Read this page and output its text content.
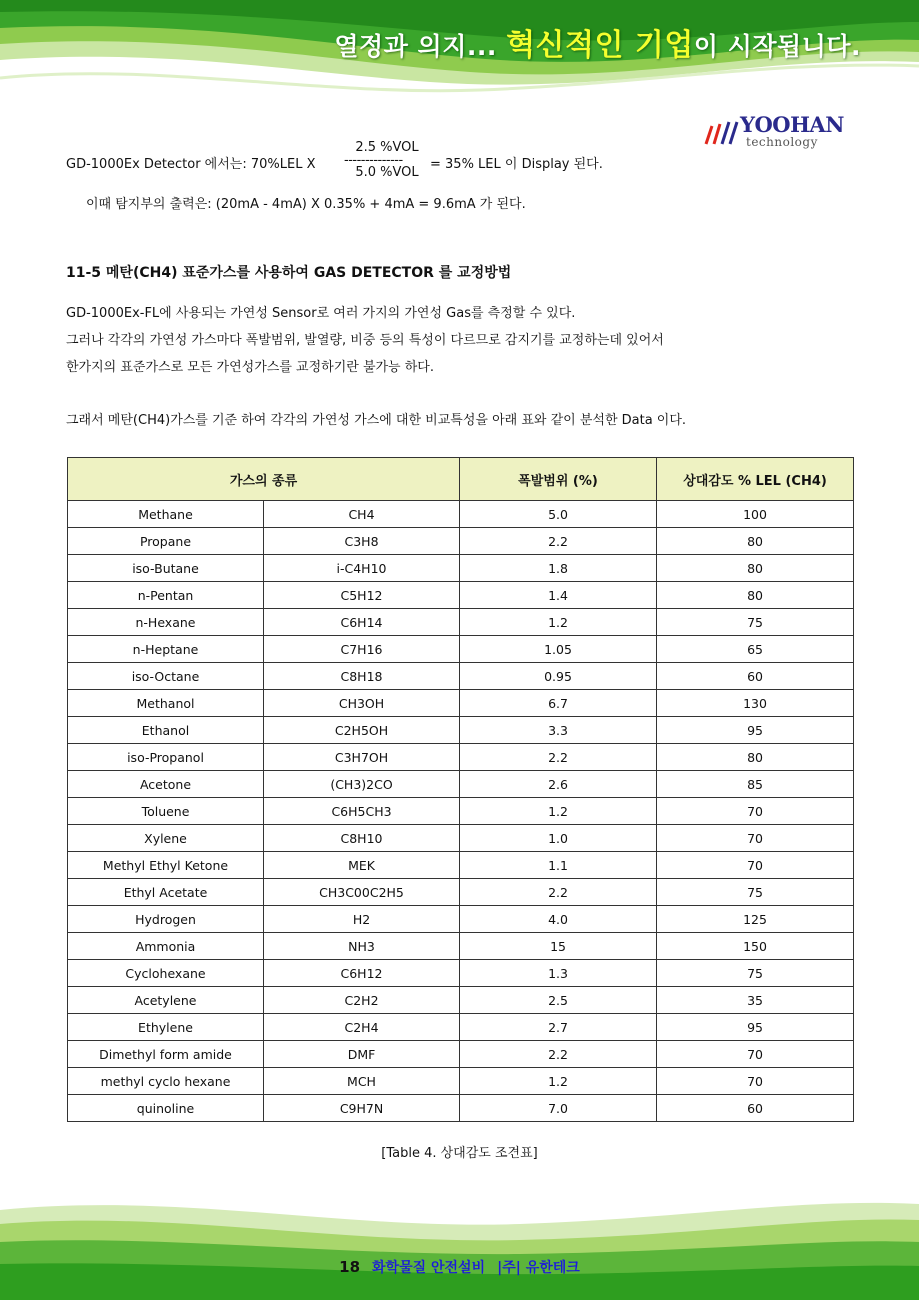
열정과 의지... 혁신적인 기업이 시작됩니다.
YOOHAN
technology
GD-1000Ex Detector 에서는: 70%LEL X
2.5 %VOL
--------------
5.0 %VOL
= 35% LEL 이 Display 된다.
이때 탐지부의 출력은: (20mA - 4mA) X 0.35% + 4mA = 9.6mA 가 된다.
11-5 메탄(CH4) 표준가스를 사용하여 GAS DETECTOR 를 교정방법
GD-1000Ex-FL에 사용되는 가연성 Sensor로 여러 가지의 가연성 Gas를 측정할 수 있다.
그러나 각각의 가연성 가스마다 폭발범위, 발열량, 비중 등의 특성이 다르므로 감지기를 교정하는데 있어서
한가지의 표준가스로 모든 가연성가스를 교정하기란 불가능 하다.
그래서 메탄(CH4)가스를 기준 하여 각각의 가연성 가스에 대한 비교특성을 아래 표와 같이 분석한 Data 이다.
가스의 종류		폭발범위 (%)	상대감도 % LEL (CH4)
Methane	CH4	5.0	100
Propane	C3H8	2.2	80
iso-Butane	i-C4H10	1.8	80
n-Pentan	C5H12	1.4	80
n-Hexane	C6H14	1.2	75
n-Heptane	C7H16	1.05	65
iso-Octane	C8H18	0.95	60
Methanol	CH3OH	6.7	130
Ethanol	C2H5OH	3.3	95
iso-Propanol	C3H7OH	2.2	80
Acetone	(CH3)2CO	2.6	85
Toluene	C6H5CH3	1.2	70
Xylene	C8H10	1.0	70
Methyl Ethyl Ketone	MEK	1.1	70
Ethyl Acetate	CH3C00C2H5	2.2	75
Hydrogen	H2	4.0	125
Ammonia	NH3	15	150
Cyclohexane	C6H12	1.3	75
Acetylene	C2H2	2.5	35
Ethylene	C2H4	2.7	95
Dimethyl form amide	DMF	2.2	70
methyl cyclo hexane	MCH	1.2	70
quinoline	C9H7N	7.0	60
[Table 4. 상대감도 조견표]
18 화학물질 안전설비 |주| 유한테크
